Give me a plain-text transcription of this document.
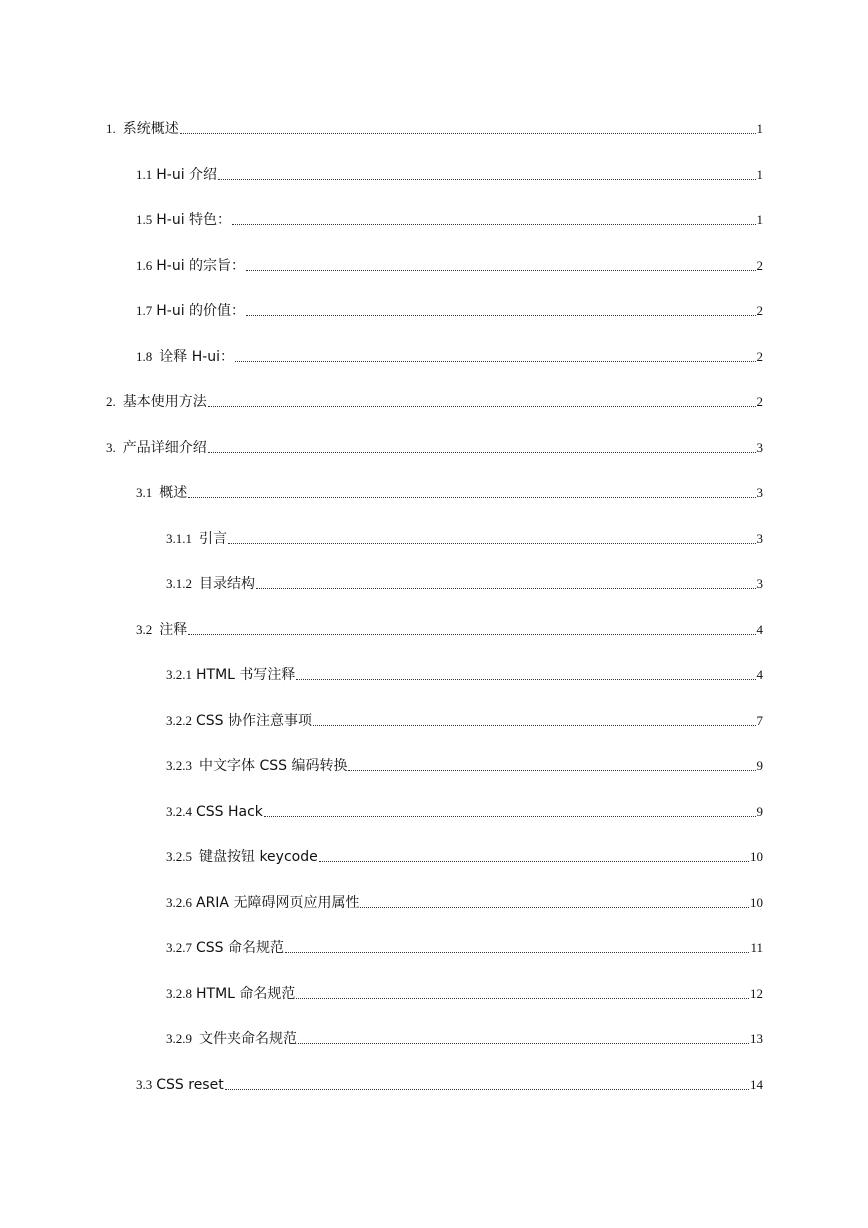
1. 系统概述	1
1.1 H-ui 介绍	1
1.5 H-ui 特色：	1
1.6 H-ui 的宗旨：	2
1.7 H-ui 的价值：	2
1.8 诠释 H-ui：	2
2. 基本使用方法	2
3. 产品详细介绍	3
3.1 概述	3
3.1.1 引言	3
3.1.2 目录结构	3
3.2 注释	4
3.2.1 HTML 书写注释	4
3.2.2 CSS 协作注意事项	7
3.2.3 中文字体 CSS 编码转换	9
3.2.4 CSS Hack	9
3.2.5 键盘按钮 keycode	10
3.2.6 ARIA 无障碍网页应用属性	10
3.2.7 CSS 命名规范	11
3.2.8 HTML 命名规范	12
3.2.9 文件夹命名规范	13
3.3 CSS reset	14
